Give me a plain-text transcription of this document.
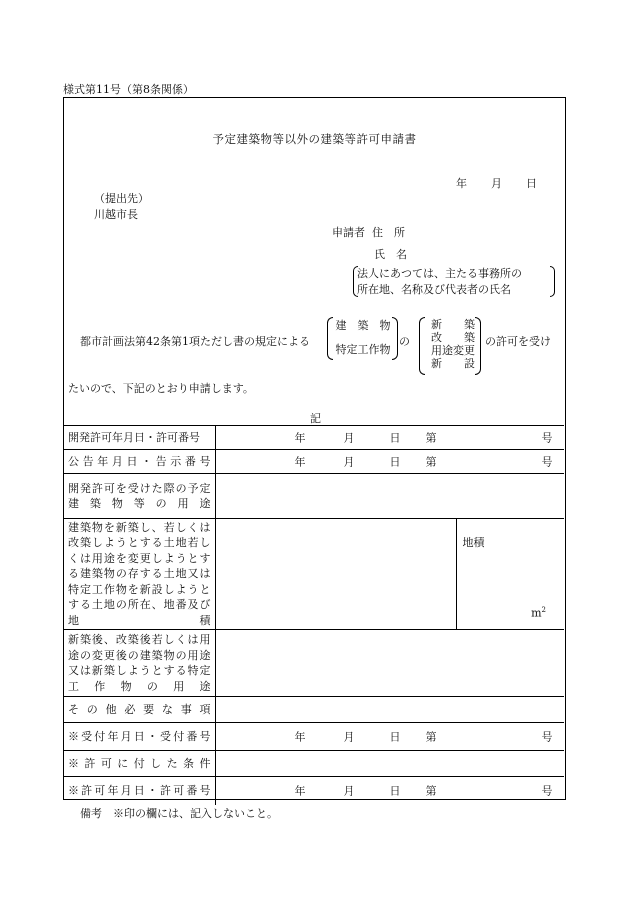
様式第11号（第8条関係）
予定建築物等以外の建築等許可申請書
年 月 日
（提出先）
川越市長
申請者 住　所
氏　名
法人にあつては、主たる事務所の
所在地、名称及び代表者の氏名
都市計画法第42条第1項ただし書の規定による
建　築　物
特定工作物
の
新　　築
改　　築
用途変更
新　　設
の許可を受け
たいので、下記のとおり申請します。
記
開発許可年月日・許可番号	年 月 日 第 号	

公告年月日・告示番号	年 月 日 第 号	

開発許可を受けた際の予定建築物等の用途		
建築物を新築し、若しくは改築しようとする土地若しくは用途を変更しようとする建築物の存する土地又は特定工作物を新設しようとする土地の所在、地番及び地積		地積
$m^2$

新築後、改築後若しくは用途の変更後の建築物の用途又は新築しようとする特定工作物の用途		
その他必要な事項		
※受付年月日・受付番号	年 月 日 第 号	

※許可に付した条件		
※許可年月日・許可番号	年 月 日 第 号	
備考　※印の欄には、記入しないこと。
